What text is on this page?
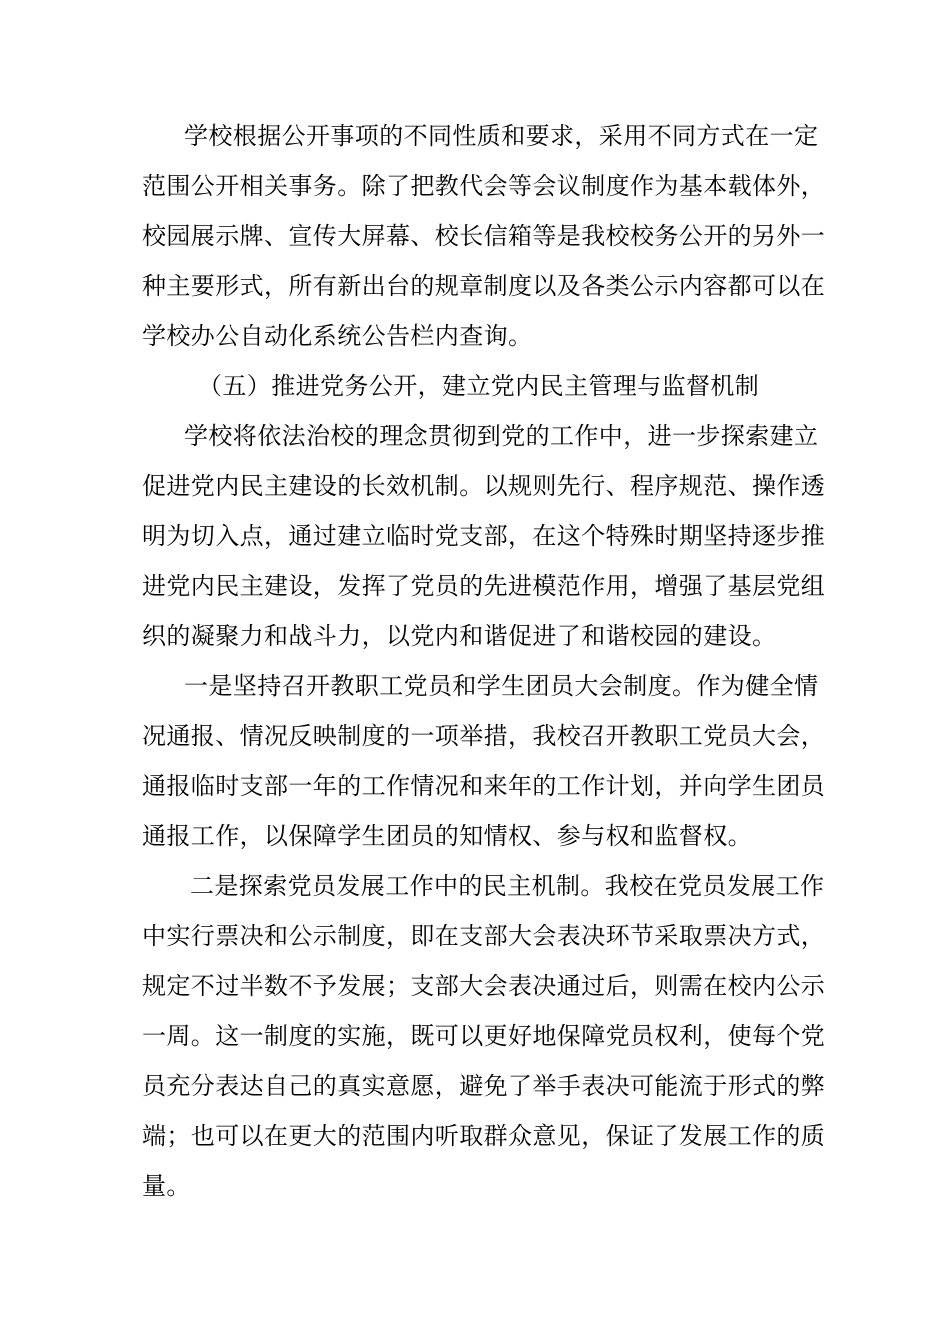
学校根据公开事项的不同性质和要求，采用不同方式在一定
范围公开相关事务。除了把教代会等会议制度作为基本载体外，
校园展示牌、宣传大屏幕、校长信箱等是我校校务公开的另外一
种主要形式，所有新出台的规章制度以及各类公示内容都可以在
学校办公自动化系统公告栏内查询。
（五）推进党务公开，建立党内民主管理与监督机制
学校将依法治校的理念贯彻到党的工作中，进一步探索建立
促进党内民主建设的长效机制。以规则先行、程序规范、操作透
明为切入点，通过建立临时党支部，在这个特殊时期坚持逐步推
进党内民主建设，发挥了党员的先进模范作用，增强了基层党组
织的凝聚力和战斗力，以党内和谐促进了和谐校园的建设。
一是坚持召开教职工党员和学生团员大会制度。作为健全情
况通报、情况反映制度的一项举措，我校召开教职工党员大会，
通报临时支部一年的工作情况和来年的工作计划，并向学生团员
通报工作，以保障学生团员的知情权、参与权和监督权。
二是探索党员发展工作中的民主机制。我校在党员发展工作
中实行票决和公示制度，即在支部大会表决环节采取票决方式，
规定不过半数不予发展；支部大会表决通过后，则需在校内公示
一周。这一制度的实施，既可以更好地保障党员权利，使每个党
员充分表达自己的真实意愿，避免了举手表决可能流于形式的弊
端；也可以在更大的范围内听取群众意见，保证了发展工作的质
量。
